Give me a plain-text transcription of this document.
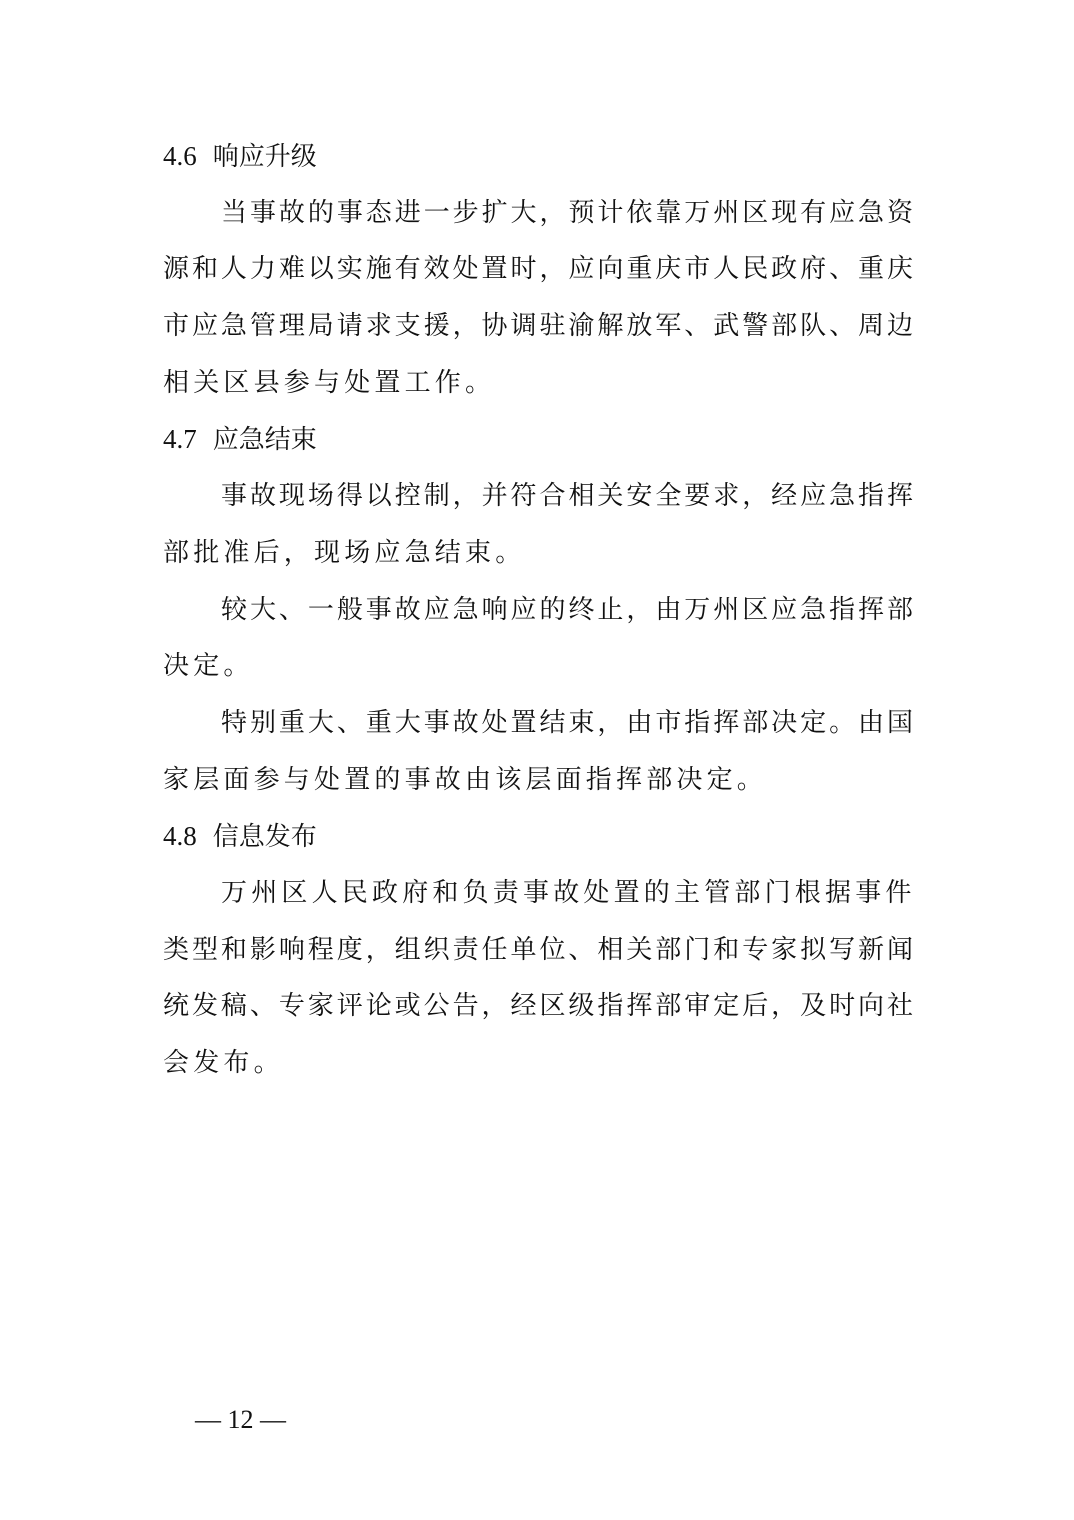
4.6 响应升级
当事故的事态进一步扩大，预计依靠万州区现有应急资
源和人力难以实施有效处置时，应向重庆市人民政府、重庆
市应急管理局请求支援，协调驻渝解放军、武警部队、周边
相关区县参与处置工作。
4.7 应急结束
事故现场得以控制，并符合相关安全要求，经应急指挥
部批准后，现场应急结束。
较大、一般事故应急响应的终止，由万州区应急指挥部
决定。
特别重大、重大事故处置结束，由市指挥部决定。由国
家层面参与处置的事故由该层面指挥部决定。
4.8 信息发布
万州区人民政府和负责事故处置的主管部门根据事件
类型和影响程度，组织责任单位、相关部门和专家拟写新闻
统发稿、专家评论或公告，经区级指挥部审定后，及时向社
会发布。
— 12 —
